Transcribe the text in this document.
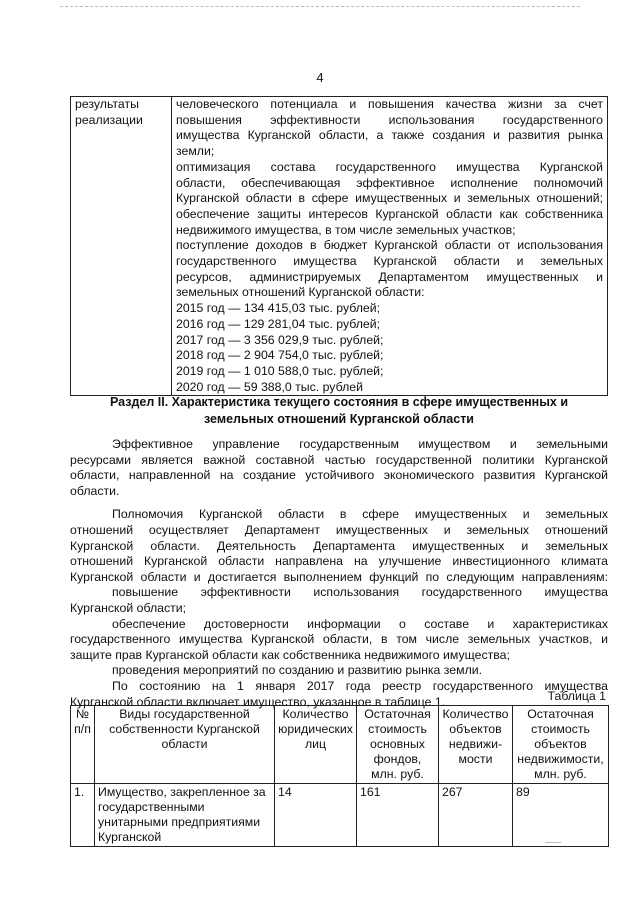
4
результаты
реализации

человеческого потенциала и повышения качества жизни за счет
повышения эффективности использования государственного
имущества Курганской области, а также создания и развития рынка
земли;
оптимизация состава государственного имущества Курганской
области, обеспечивающая эффективное исполнение полномочий
Курганской области в сфере имущественных и земельных отношений;
обеспечение защиты интересов Курганской области как собственника
недвижимого имущества, в том числе земельных участков;
поступление доходов в бюджет Курганской области от использования
государственного имущества Курганской области и земельных
ресурсов, администрируемых Департаментом имущественных и
земельных отношений Курганской области:
2015 год — 134 415,03 тыс. рублей;
2016 год — 129 281,04 тыс. рублей;
2017 год — 3 356 029,9 тыс. рублей;
2018 год — 2 904 754,0 тыс. рублей;
2019 год — 1 010 588,0 тыс. рублей;
2020 год — 59 388,0 тыс. рублей
Раздел II. Характеристика текущего состояния в сфере имущественных и
земельных отношений Курганской области
Эффективное управление государственным имуществом и земельными
ресурсами является важной составной частью государственной политики Курганской
области, направленной на создание устойчивого экономического развития Курганской
области.
Полномочия Курганской области в сфере имущественных и земельных
отношений осуществляет Департамент имущественных и земельных отношений
Курганской области. Деятельность Департамента имущественных и земельных
отношений Курганской области направлена на улучшение инвестиционного климата
Курганской области и достигается выполнением функций по следующим направлениям:
повышение эффективности использования государственного имущества
Курганской области;
обеспечение достоверности информации о составе и характеристиках
государственного имущества Курганской области, в том числе земельных участков, и
защите прав Курганской области как собственника недвижимого имущества;
проведения мероприятий по созданию и развитию рынка земли.
По состоянию на 1 января 2017 года реестр государственного имущества
Курганской области включает имущество, указанное в таблице 1.	Таблица 1
№ п/п	Виды государственной собственности Курганской области	Количество юридических лиц	Остаточная стоимость основных фондов, млн. руб.	Количество объектов недвижи-мости	Остаточная стоимость объектов недвижимости, млн. руб.
1.	Имущество, закрепленное за государственными унитарными предприятиями Курганской	14	161	267	89
